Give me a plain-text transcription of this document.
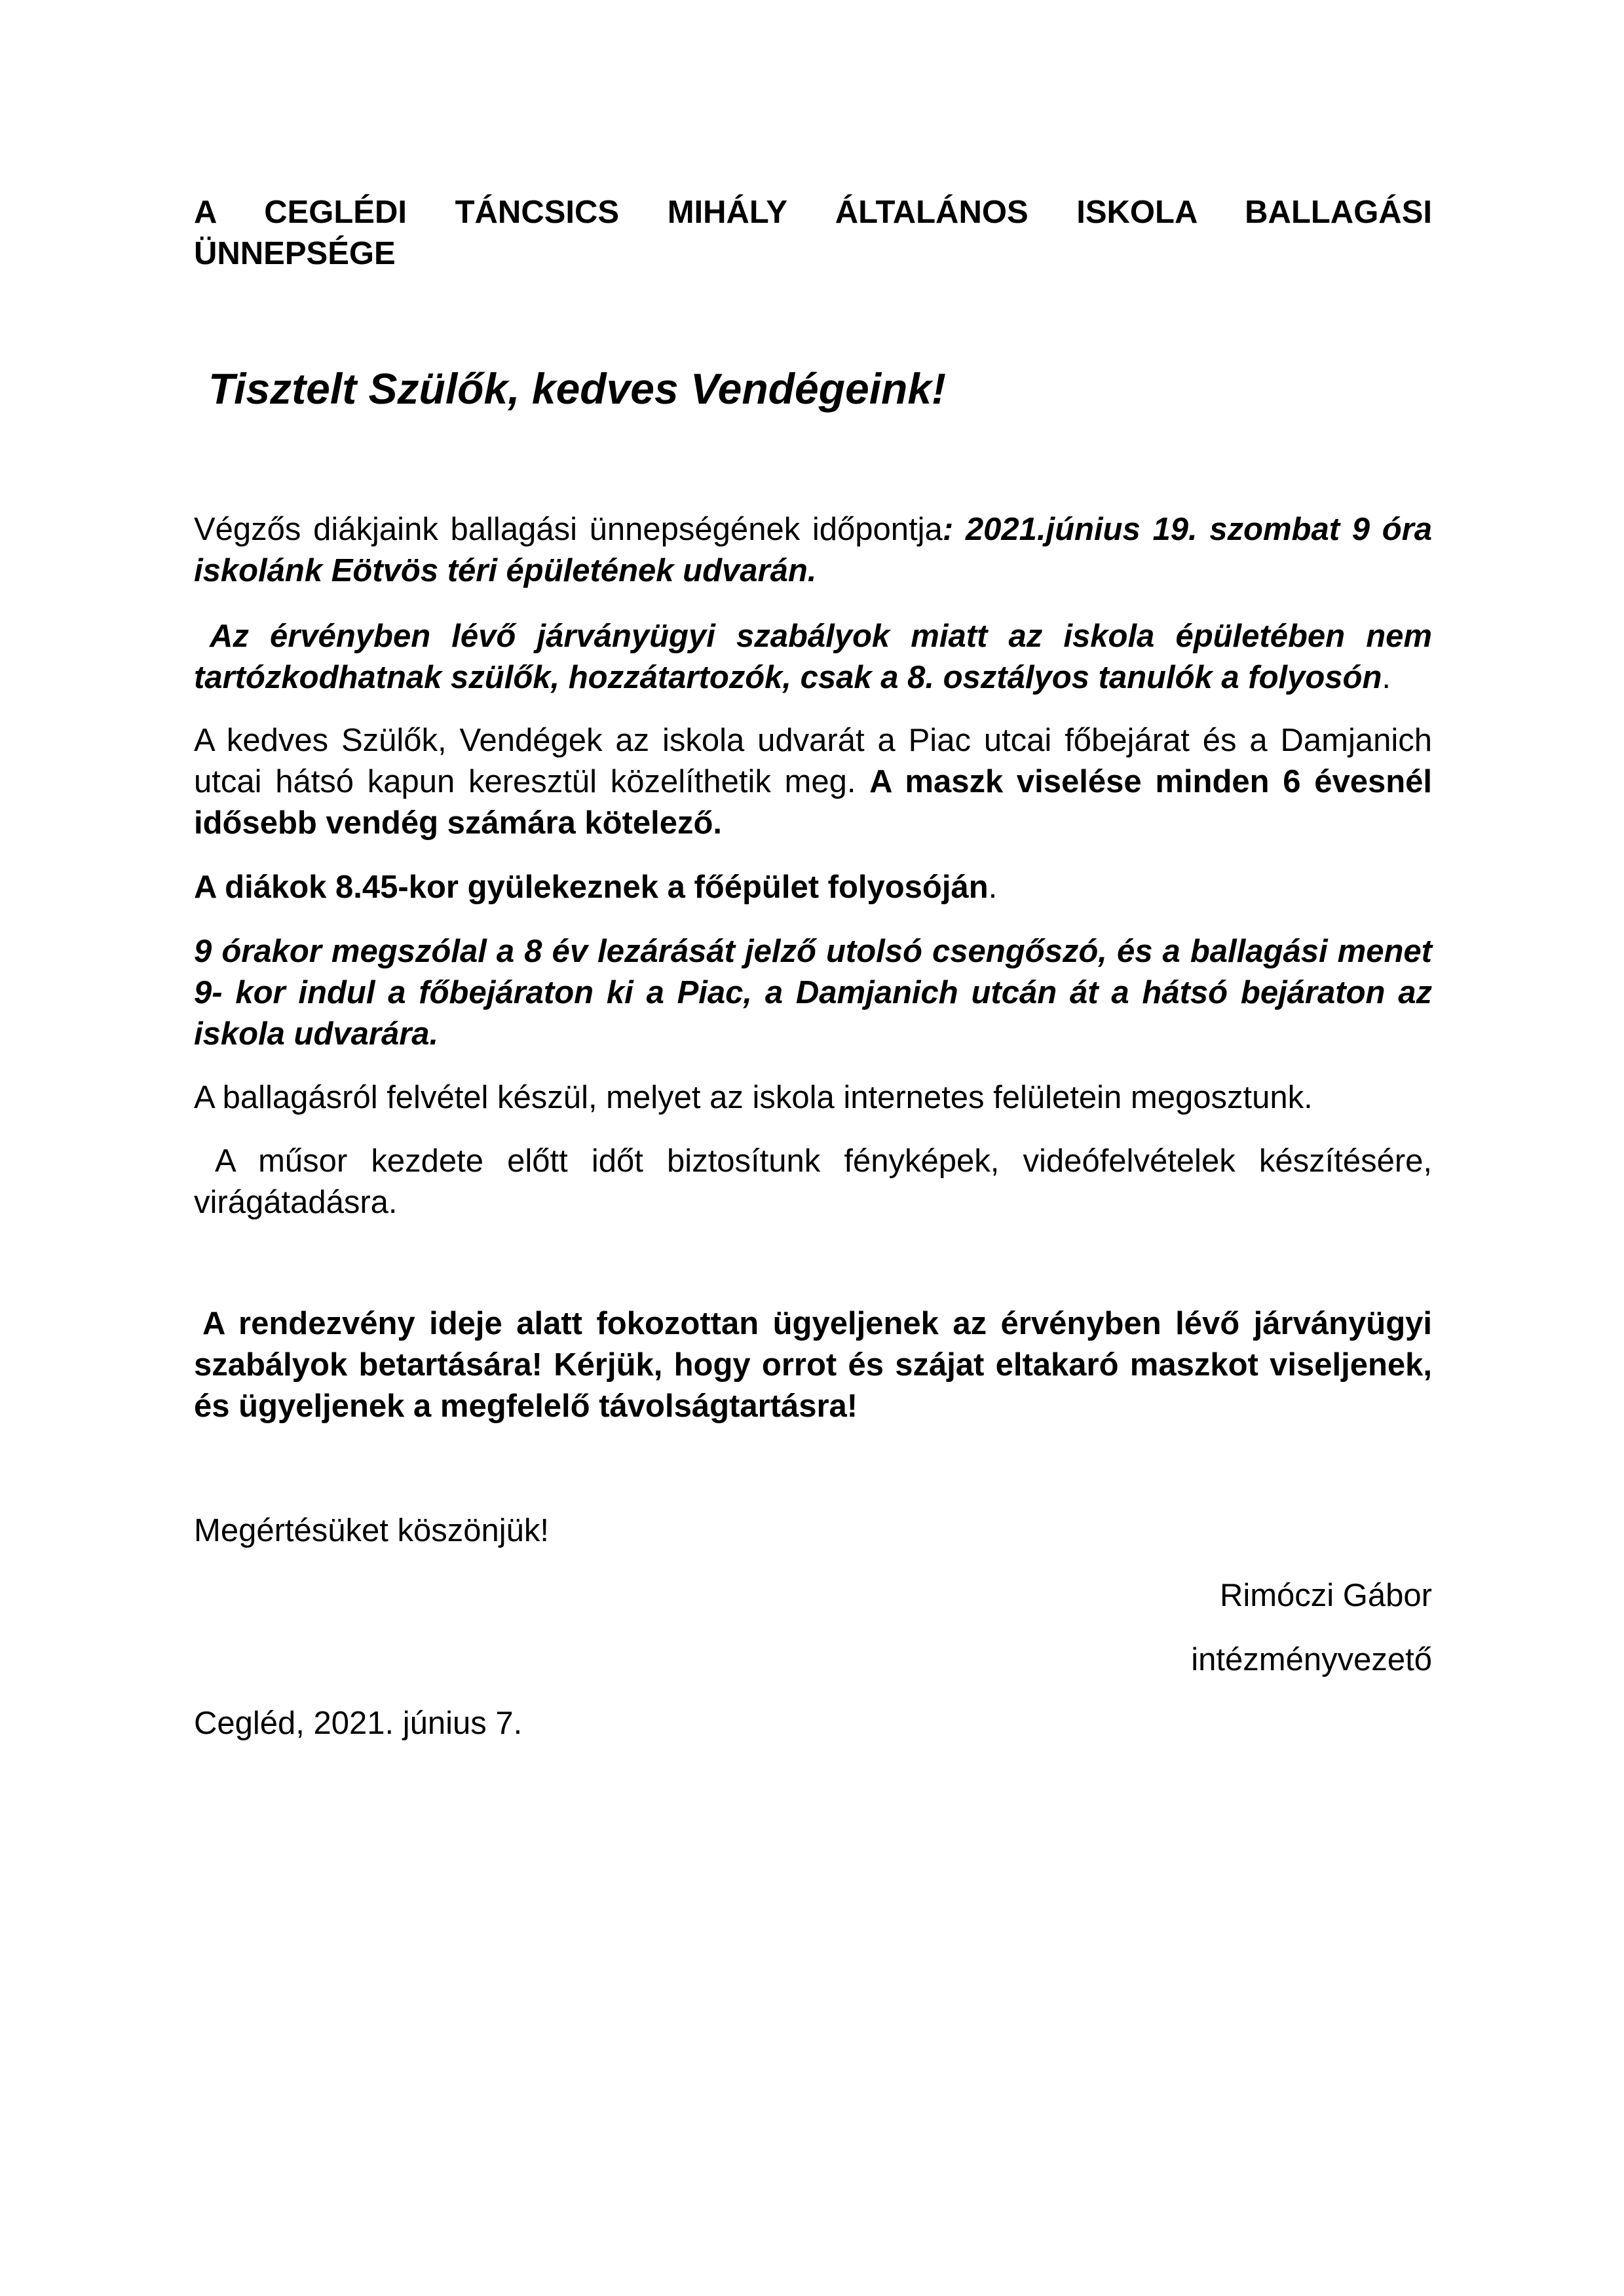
A CEGLÉDI TÁNCSICS MIHÁLY ÁLTALÁNOS ISKOLA BALLAGÁSI
ÜNNEPSÉGE
Tisztelt Szülők, kedves Vendégeink!
Végzős diákjaink ballagási ünnepségének időpontja: 2021.június 19. szombat 9 óra iskolánk Eötvös téri épületének udvarán.
Az érvényben lévő járványügyi szabályok miatt az iskola épületében nem tartózkodhatnak szülők, hozzátartozók, csak a 8. osztályos tanulók a folyosón.
A kedves Szülők, Vendégek az iskola udvarát a Piac utcai főbejárat és a Damjanich utcai hátsó kapun keresztül közelíthetik meg. A maszk viselése minden 6 évesnél idősebb vendég számára kötelező.
A diákok 8.45-kor gyülekeznek a főépület folyosóján.
9 órakor megszólal a 8 év lezárását jelző utolsó csengőszó, és a ballagási menet 9- kor indul a főbejáraton ki a Piac, a Damjanich utcán át a hátsó bejáraton az iskola udvarára.
A ballagásról felvétel készül, melyet az iskola internetes felületein megosztunk.
A műsor kezdete előtt időt biztosítunk fényképek, videófelvételek készítésére, virágátadásra.
A rendezvény ideje alatt fokozottan ügyeljenek az érvényben lévő járványügyi szabályok betartására! Kérjük, hogy orrot és szájat eltakaró maszkot viseljenek, és ügyeljenek a megfelelő távolságtartásra!
Megértésüket köszönjük!
Rimóczi Gábor
intézményvezető
Cegléd, 2021. június 7.
